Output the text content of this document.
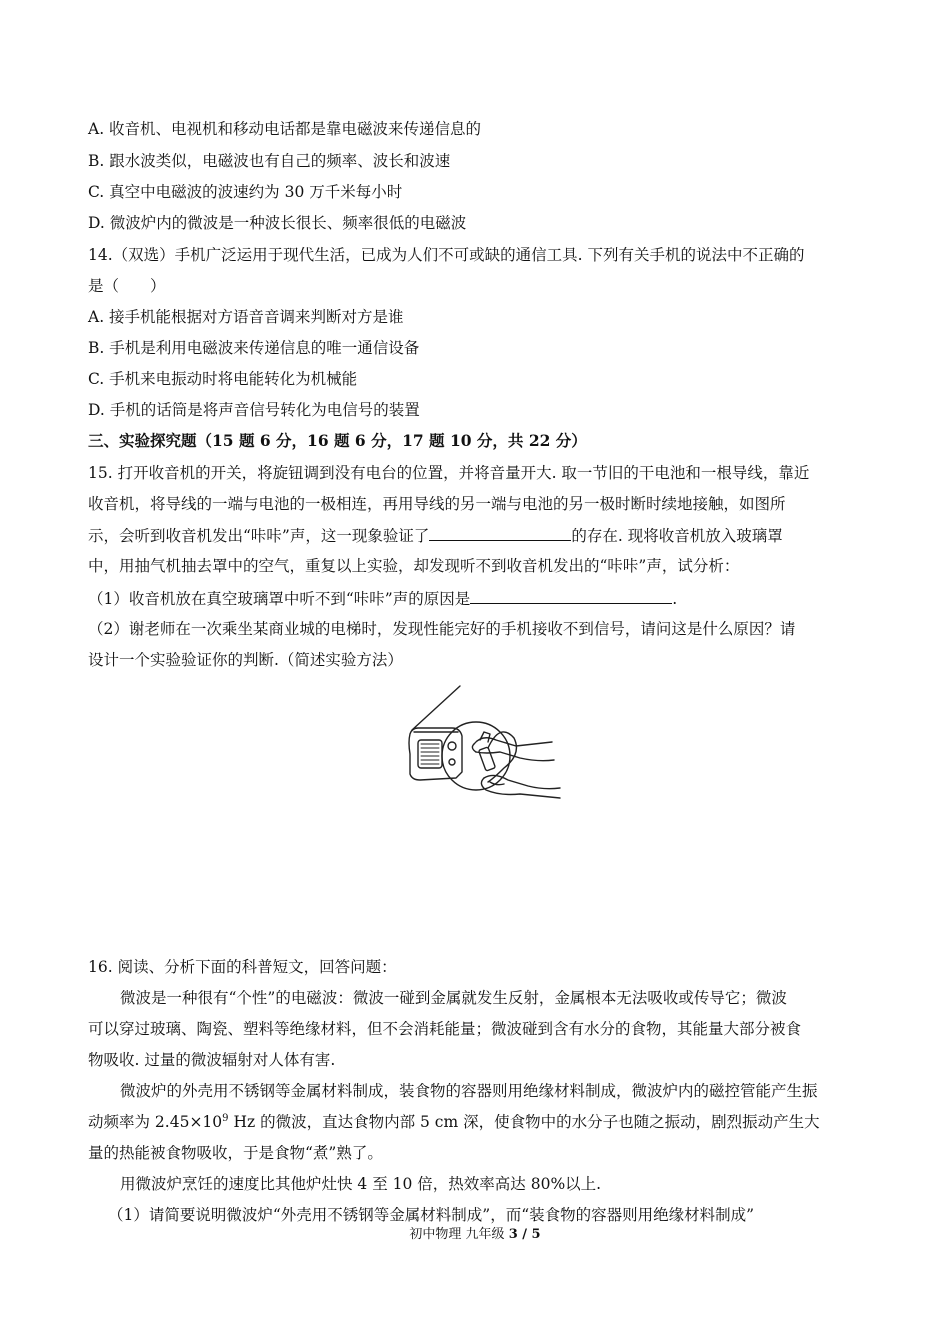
A. 收音机、电视机和移动电话都是靠电磁波来传递信息的
B. 跟水波类似，电磁波也有自己的频率、波长和波速
C. 真空中电磁波的波速约为 30 万千米每小时
D. 微波炉内的微波是一种波长很长、频率很低的电磁波
14.（双选）手机广泛运用于现代生活，已成为人们不可或缺的通信工具. 下列有关手机的说法中不正确的
是（　　）
A. 接手机能根据对方语音音调来判断对方是谁
B. 手机是利用电磁波来传递信息的唯一通信设备
C. 手机来电振动时将电能转化为机械能
D. 手机的话筒是将声音信号转化为电信号的装置
三、实验探究题（15 题 6 分，16 题 6 分，17 题 10 分，共 22 分）
15. 打开收音机的开关，将旋钮调到没有电台的位置，并将音量开大. 取一节旧的干电池和一根导线，靠近
收音机，将导线的一端与电池的一极相连，再用导线的另一端与电池的另一极时断时续地接触，如图所
示，会听到收音机发出“咔咔”声，这一现象验证了	的存在. 现将收音机放入玻璃罩
中，用抽气机抽去罩中的空气，重复以上实验，却发现听不到收音机发出的“咔咔”声，试分析：
（1）收音机放在真空玻璃罩中听不到“咔咔”声的原因是	.
（2）谢老师在一次乘坐某商业城的电梯时，发现性能完好的手机接收不到信号，请问这是什么原因？请
设计一个实验验证你的判断.（简述实验方法）
16. 阅读、分析下面的科普短文，回答问题：
微波是一种很有“个性”的电磁波：微波一碰到金属就发生反射，金属根本无法吸收或传导它；微波
可以穿过玻璃、陶瓷、塑料等绝缘材料，但不会消耗能量；微波碰到含有水分的食物，其能量大部分被食
物吸收. 过量的微波辐射对人体有害.
微波炉的外壳用不锈钢等金属材料制成，装食物的容器则用绝缘材料制成，微波炉内的磁控管能产生振
动频率为 $2.45\times 10^9$ Hz 的微波，直达食物内部 5 cm 深，使食物中的水分子也随之振动，剧烈振动产生大
量的热能被食物吸收，于是食物“煮”熟了。
用微波炉烹饪的速度比其他炉灶快 4 至 10 倍，热效率高达 80%以上.
（1）请简要说明微波炉“外壳用不锈钢等金属材料制成”，而“装食物的容器则用绝缘材料制成”
初中物理 九年级 3 / 5
